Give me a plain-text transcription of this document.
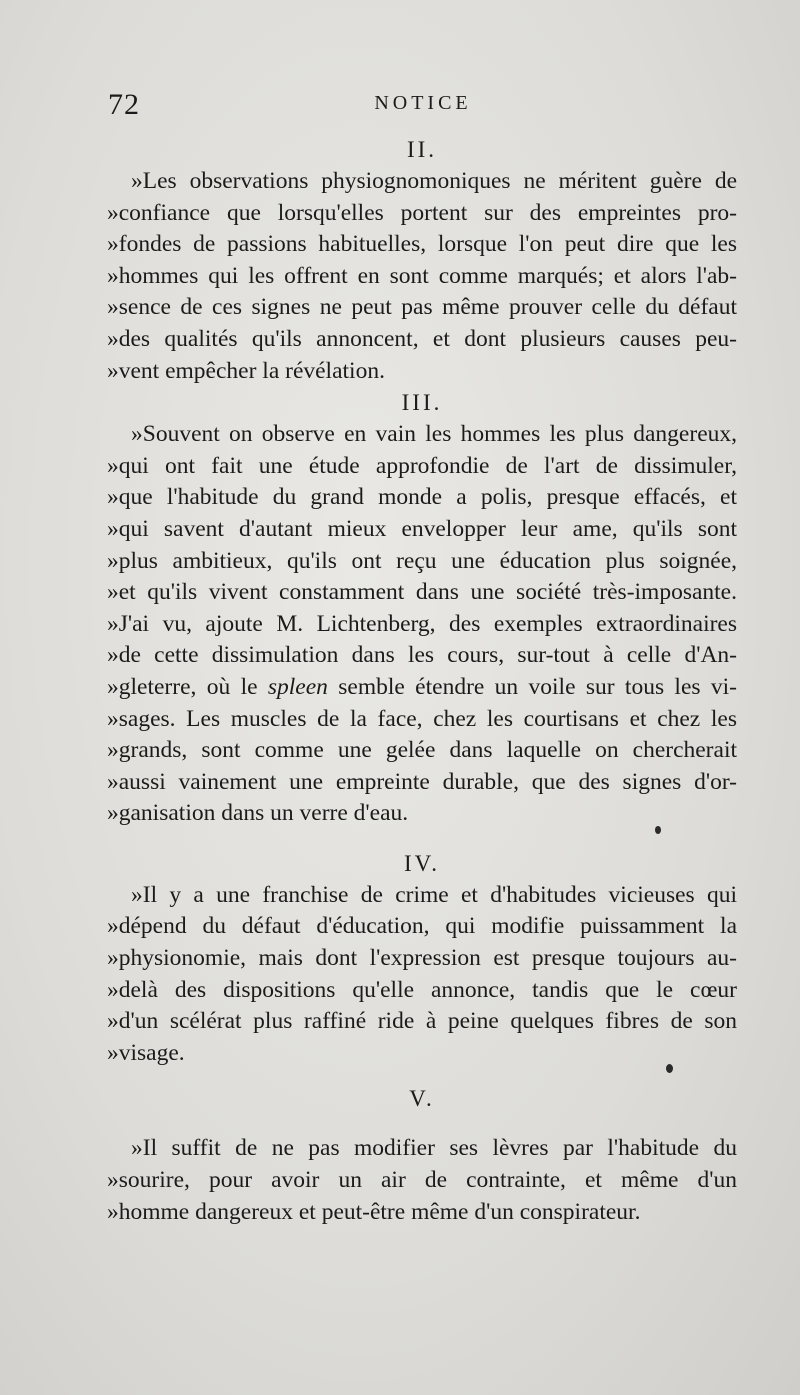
72	NOTICE
II.
»Les observations physiognomoniques ne méritent guère de
»confiance que lorsqu'elles portent sur des empreintes pro-
»fondes de passions habituelles, lorsque l'on peut dire que les
»hommes qui les offrent en sont comme marqués; et alors l'ab-
»sence de ces signes ne peut pas même prouver celle du défaut
»des qualités qu'ils annoncent, et dont plusieurs causes peu-
»vent empêcher la révélation.
III.
»Souvent on observe en vain les hommes les plus dangereux,
»qui ont fait une étude approfondie de l'art de dissimuler,
»que l'habitude du grand monde a polis, presque effacés, et
»qui savent d'autant mieux envelopper leur ame, qu'ils sont
»plus ambitieux, qu'ils ont reçu une éducation plus soignée,
»et qu'ils vivent constamment dans une société très-imposante.
»J'ai vu, ajoute M. Lichtenberg, des exemples extraordinaires
»de cette dissimulation dans les cours, sur-tout à celle d'An-
»gleterre, où le spleen semble étendre un voile sur tous les vi-
»sages. Les muscles de la face, chez les courtisans et chez les
»grands, sont comme une gelée dans laquelle on chercherait
»aussi vainement une empreinte durable, que des signes d'or-
»ganisation dans un verre d'eau.
IV.
»Il y a une franchise de crime et d'habitudes vicieuses qui
»dépend du défaut d'éducation, qui modifie puissamment la
»physionomie, mais dont l'expression est presque toujours au-
»delà des dispositions qu'elle annonce, tandis que le cœur
»d'un scélérat plus raffiné ride à peine quelques fibres de son
»visage.
V.
»Il suffit de ne pas modifier ses lèvres par l'habitude du
»sourire, pour avoir un air de contrainte, et même d'un
»homme dangereux et peut-être même d'un conspirateur.
